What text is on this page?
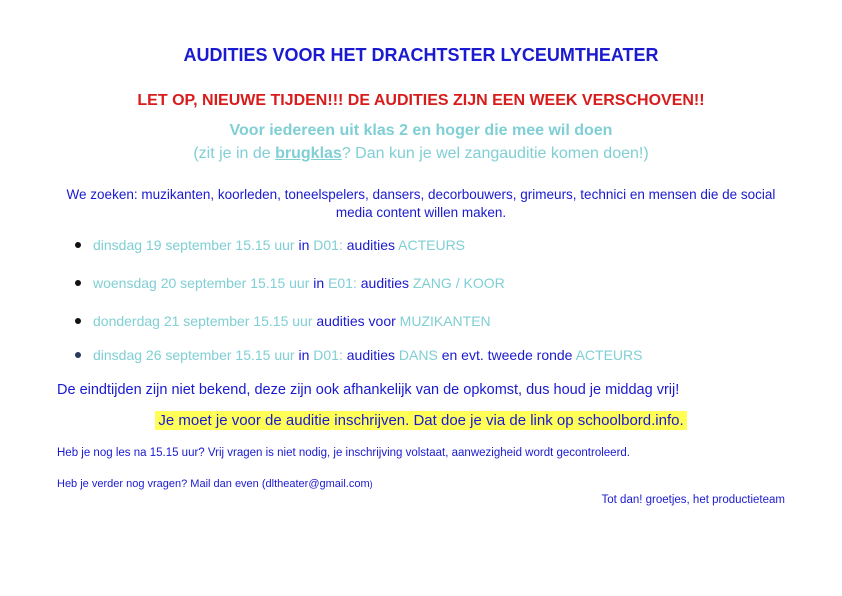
AUDITIES VOOR HET DRACHTSTER LYCEUMTHEATER
LET OP, NIEUWE TIJDEN!!! DE AUDITIES ZIJN EEN WEEK VERSCHOVEN!!
Voor iedereen uit klas 2 en hoger die mee wil doen
(zit je in de brugklas? Dan kun je wel zangauditie komen doen!)
We zoeken: muzikanten, koorleden, toneelspelers, dansers, decorbouwers, grimeurs, technici en mensen die de social media content willen maken.
dinsdag 19 september 15.15 uur in D01: audities ACTEURS
woensdag 20 september 15.15 uur in E01: audities ZANG / KOOR
donderdag 21 september 15.15 uur audities voor MUZIKANTEN
dinsdag 26 september 15.15 uur in D01: audities DANS en evt. tweede ronde ACTEURS
De eindtijden zijn niet bekend, deze zijn ook afhankelijk van de opkomst, dus houd je middag vrij!
Je moet je voor de auditie inschrijven. Dat doe je via de link op schoolbord.info.
Heb je nog les na 15.15 uur? Vrij vragen is niet nodig, je inschrijving volstaat, aanwezigheid wordt gecontroleerd.
Heb je verder nog vragen? Mail dan even (dltheater@gmail.com)
Tot dan! groetjes, het productieteam
